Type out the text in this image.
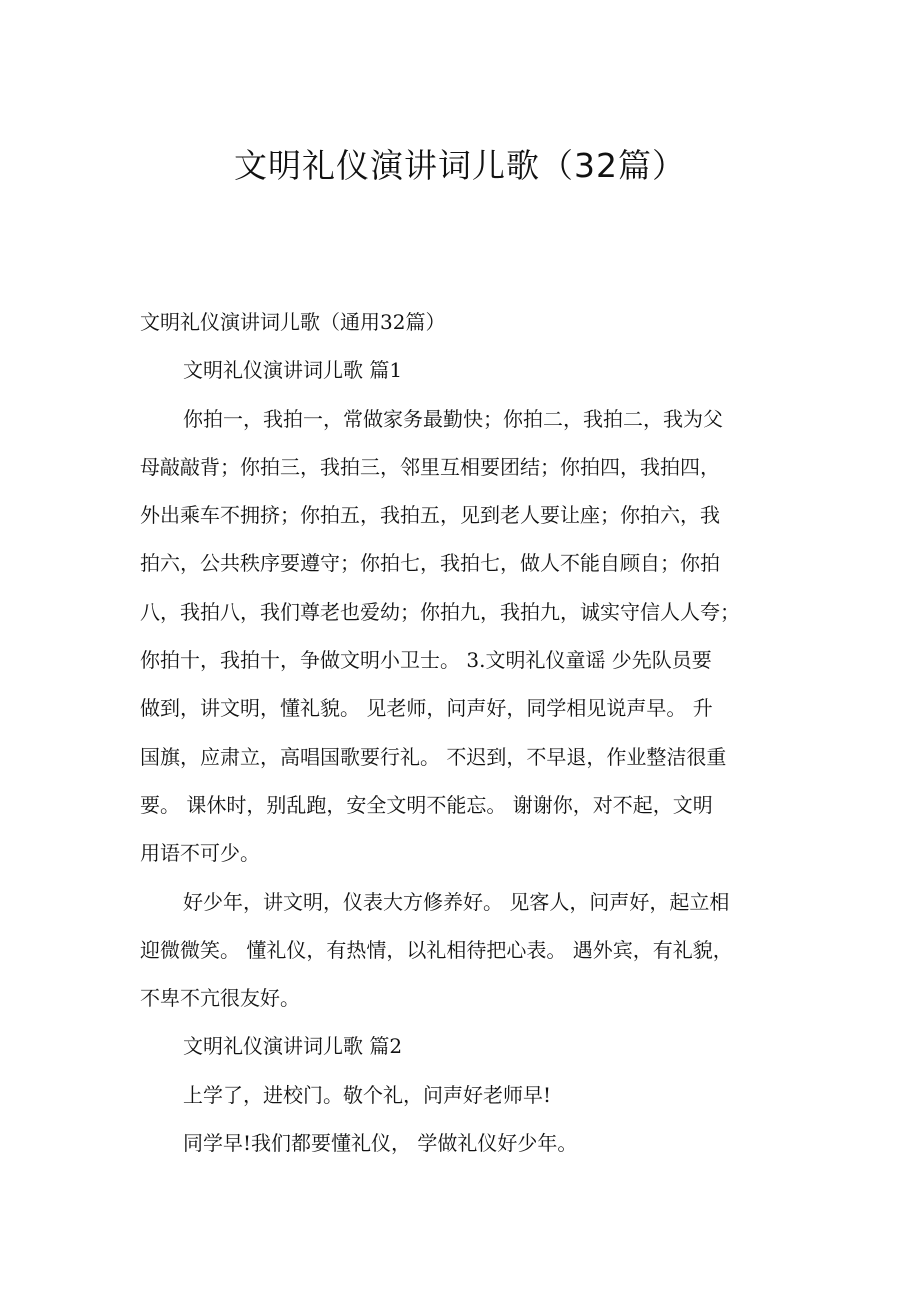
文明礼仪演讲词儿歌（32篇）
文明礼仪演讲词儿歌（通用32篇）
文明礼仪演讲词儿歌 篇1
你拍一，我拍一，常做家务最勤快；你拍二，我拍二，我为父
母敲敲背；你拍三，我拍三，邻里互相要团结；你拍四，我拍四，
外出乘车不拥挤；你拍五，我拍五，见到老人要让座；你拍六，我
拍六，公共秩序要遵守；你拍七，我拍七，做人不能自顾自；你拍
八，我拍八，我们尊老也爱幼；你拍九，我拍九，诚实守信人人夸；
你拍十，我拍十，争做文明小卫士。 3.文明礼仪童谣 少先队员要
做到，讲文明，懂礼貌。 见老师，问声好，同学相见说声早。 升
国旗，应肃立，高唱国歌要行礼。 不迟到，不早退，作业整洁很重
要。 课休时，别乱跑，安全文明不能忘。 谢谢你，对不起，文明
用语不可少。
好少年，讲文明，仪表大方修养好。 见客人，问声好，起立相
迎微微笑。 懂礼仪，有热情，以礼相待把心表。 遇外宾，有礼貌，
不卑不亢很友好。
文明礼仪演讲词儿歌 篇2
上学了，进校门。敬个礼，问声好老师早!
同学早!我们都要懂礼仪， 学做礼仪好少年。
